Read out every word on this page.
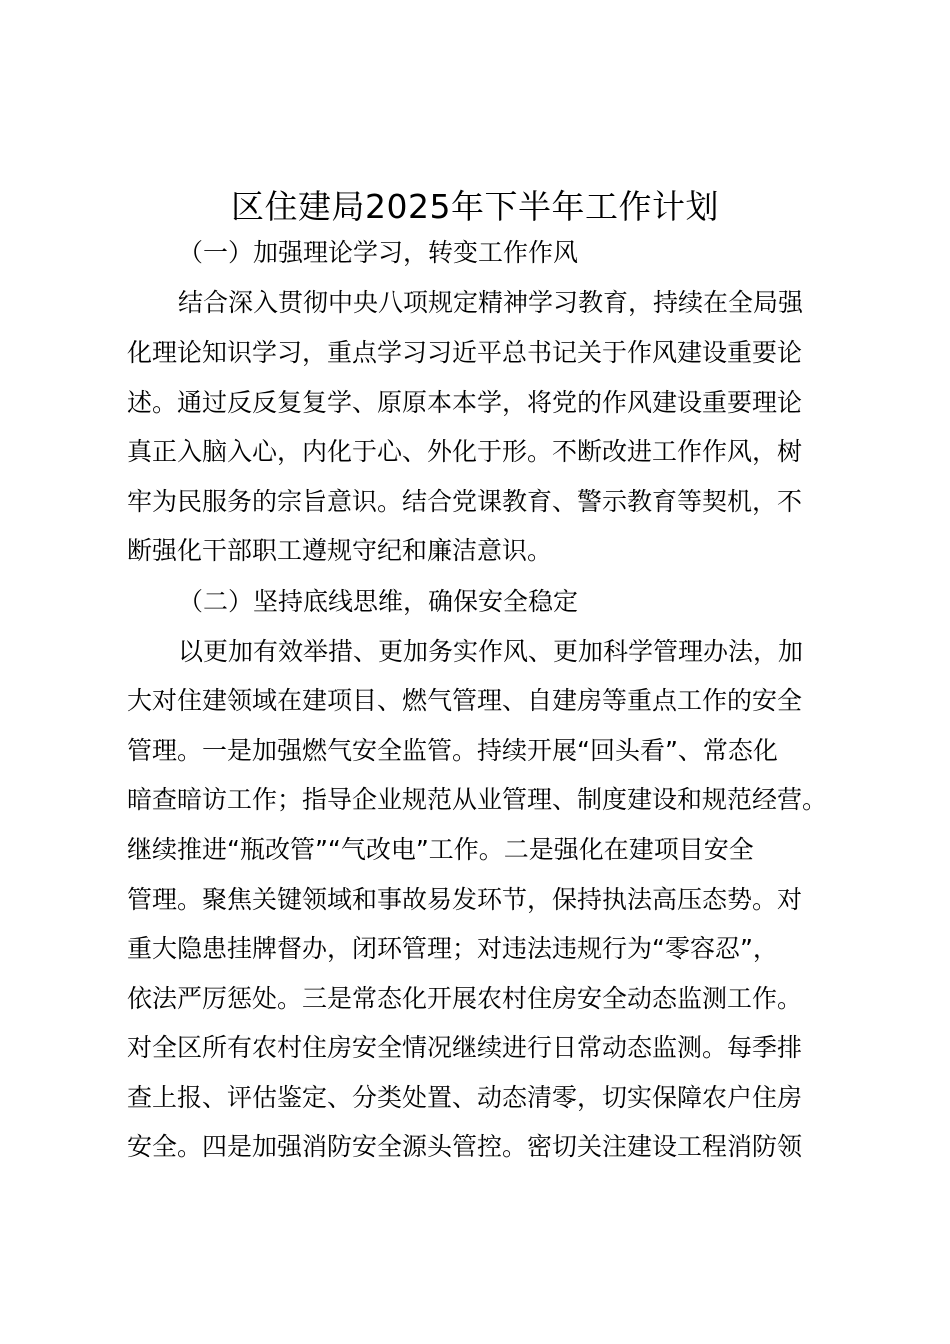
区住建局2025年下半年工作计划
（一）加强理论学习，转变工作作风
结合深入贯彻中央八项规定精神学习教育，持续在全局强
化理论知识学习，重点学习习近平总书记关于作风建设重要论
述。通过反反复复学、原原本本学，将党的作风建设重要理论
真正入脑入心，内化于心、外化于形。不断改进工作作风，树
牢为民服务的宗旨意识。结合党课教育、警示教育等契机，不
断强化干部职工遵规守纪和廉洁意识。
（二）坚持底线思维，确保安全稳定
以更加有效举措、更加务实作风、更加科学管理办法，加
大对住建领域在建项目、燃气管理、自建房等重点工作的安全
管理。一是加强燃气安全监管。持续开展“回头看”、常态化
暗查暗访工作；指导企业规范从业管理、制度建设和规范经营。
继续推进“瓶改管”“气改电”工作。二是强化在建项目安全
管理。聚焦关键领域和事故易发环节，保持执法高压态势。对
重大隐患挂牌督办，闭环管理；对违法违规行为“零容忍”，
依法严厉惩处。三是常态化开展农村住房安全动态监测工作。
对全区所有农村住房安全情况继续进行日常动态监测。每季排
查上报、评估鉴定、分类处置、动态清零，切实保障农户住房
安全。四是加强消防安全源头管控。密切关注建设工程消防领
